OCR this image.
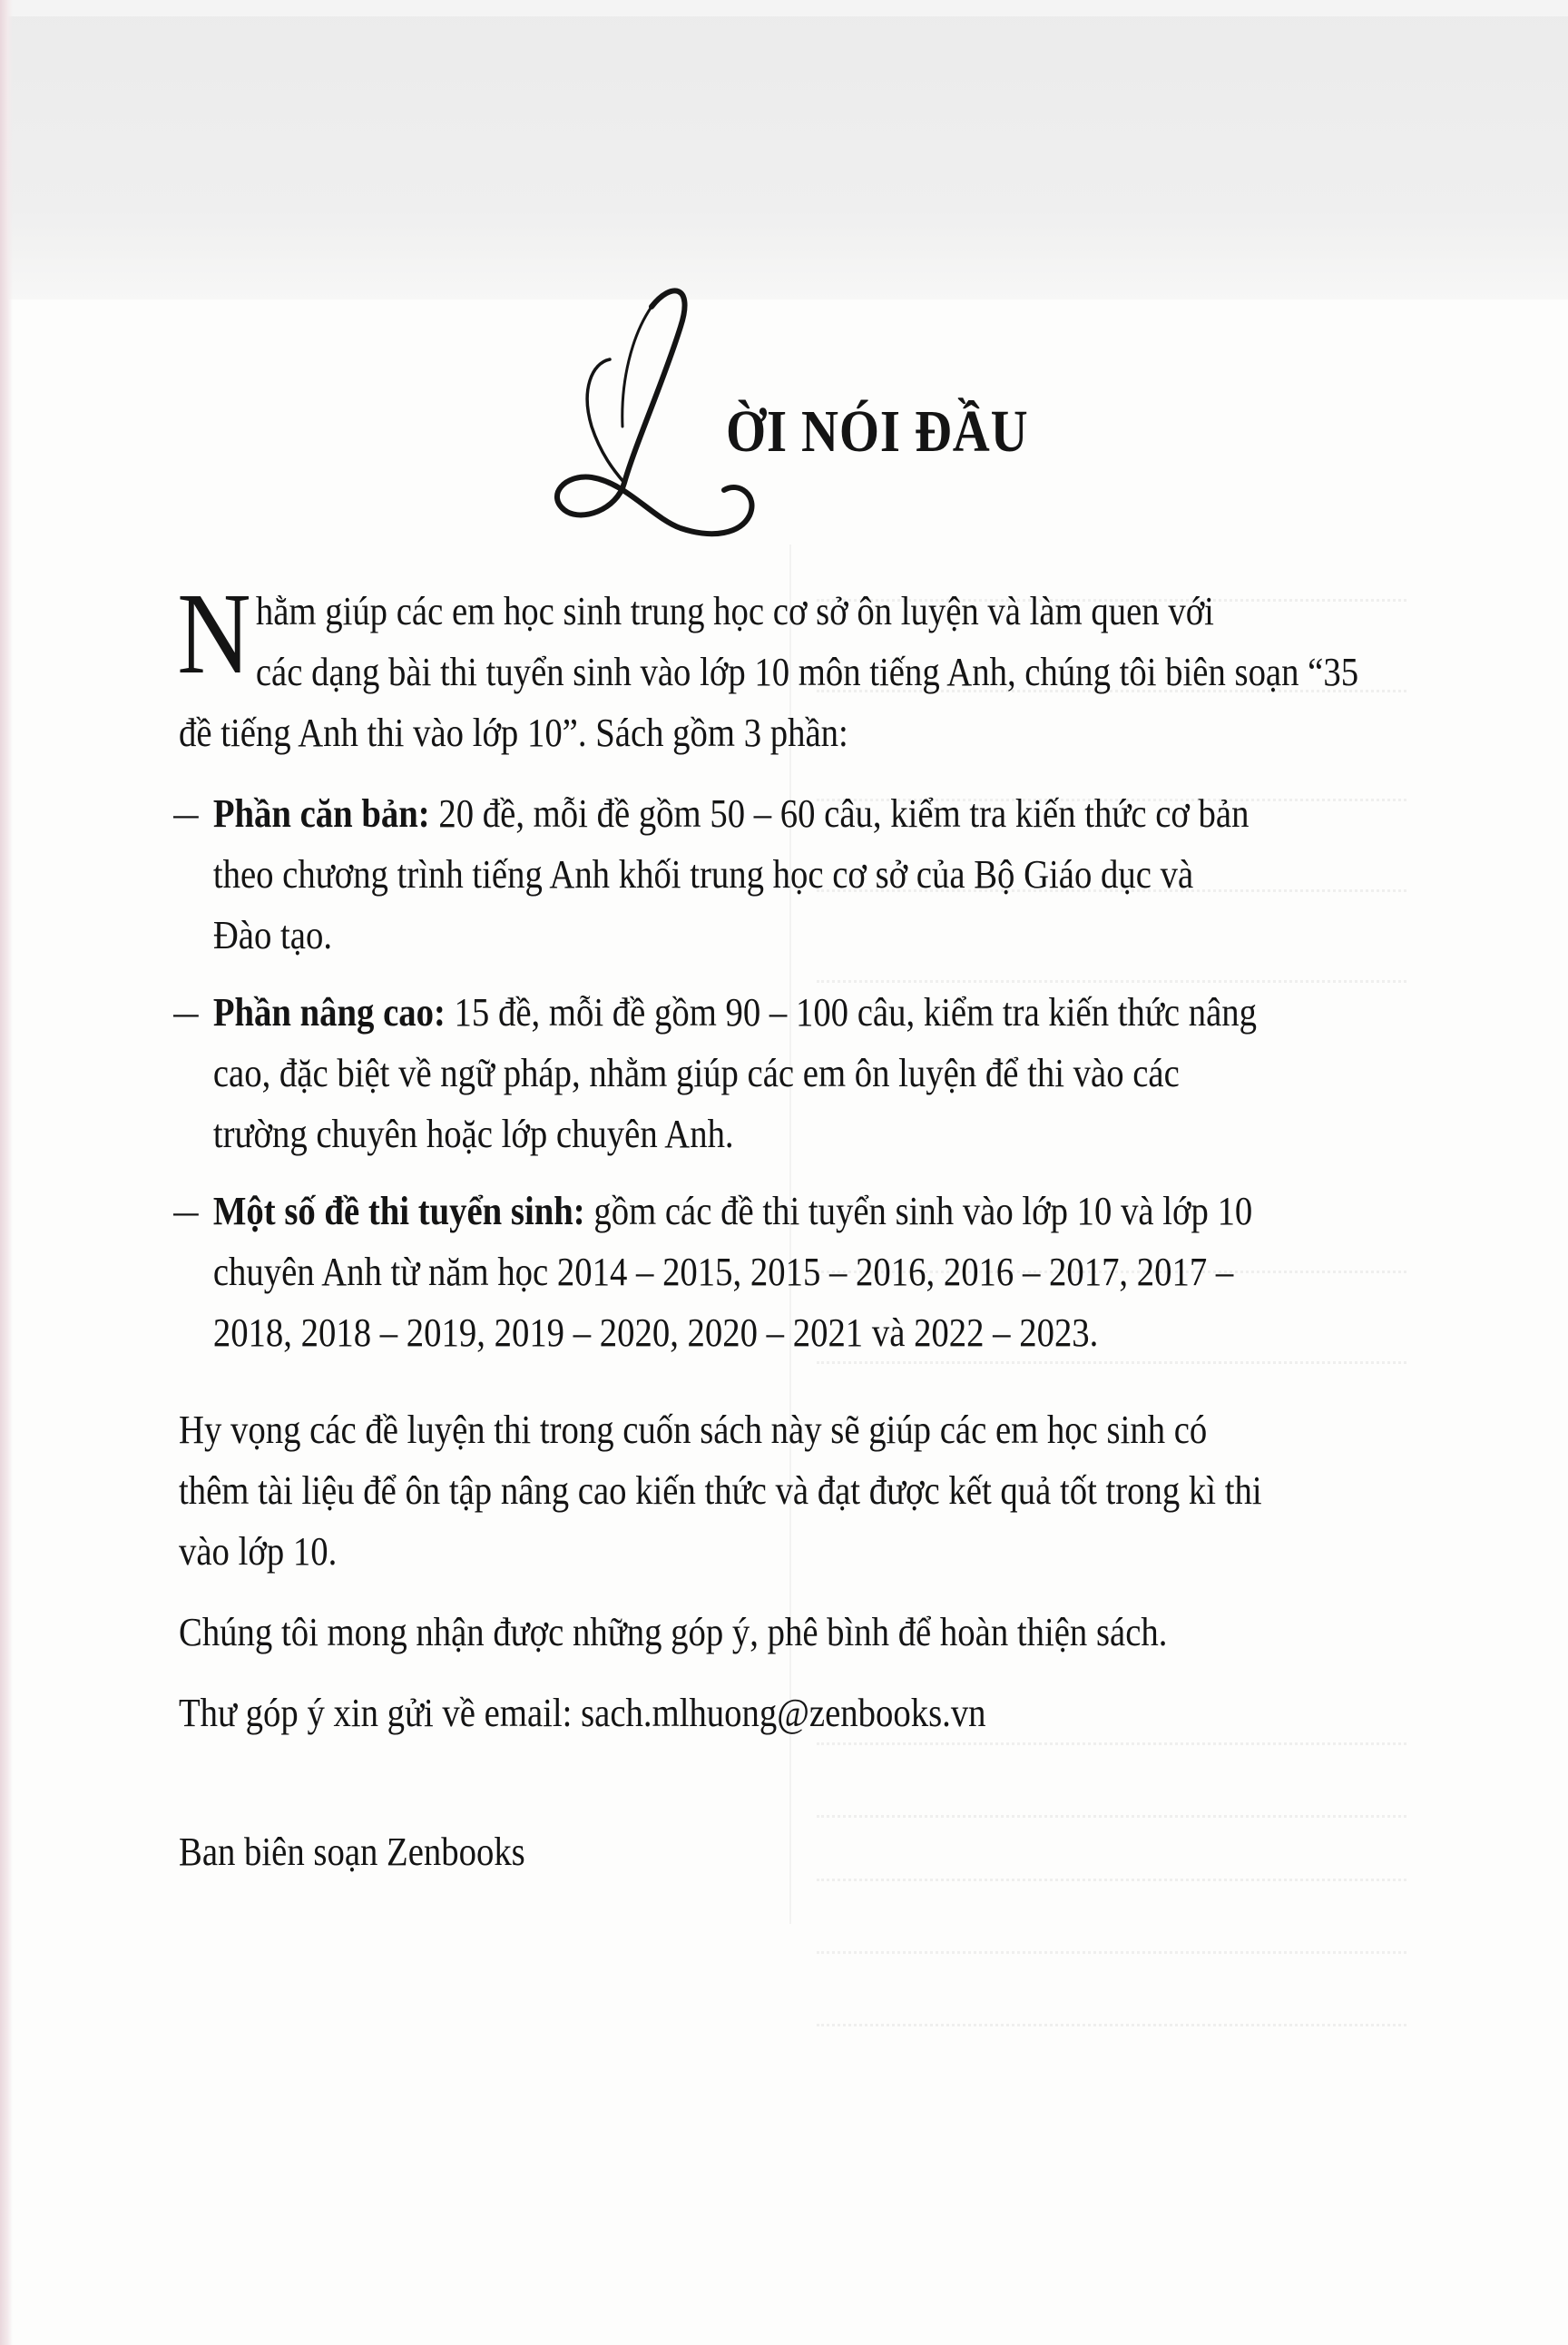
ỜI NÓI ĐẦU
N hằm giúp các em học sinh trung học cơ sở ôn luyện và làm quen với
các dạng bài thi tuyển sinh vào lớp 10 môn tiếng Anh, chúng tôi biên soạn “35
đề tiếng Anh thi vào lớp 10”. Sách gồm 3 phần:
– Phần căn bản: 20 đề, mỗi đề gồm 50 – 60 câu, kiểm tra kiến thức cơ bản
theo chương trình tiếng Anh khối trung học cơ sở của Bộ Giáo dục và
Đào tạo.
– Phần nâng cao: 15 đề, mỗi đề gồm 90 – 100 câu, kiểm tra kiến thức nâng
cao, đặc biệt về ngữ pháp, nhằm giúp các em ôn luyện để thi vào các
trường chuyên hoặc lớp chuyên Anh.
– Một số đề thi tuyển sinh: gồm các đề thi tuyển sinh vào lớp 10 và lớp 10
chuyên Anh từ năm học 2014 – 2015, 2015 – 2016, 2016 – 2017, 2017 –
2018, 2018 – 2019, 2019 – 2020, 2020 – 2021 và 2022 – 2023.
Hy vọng các đề luyện thi trong cuốn sách này sẽ giúp các em học sinh có
thêm tài liệu để ôn tập nâng cao kiến thức và đạt được kết quả tốt trong kì thi
vào lớp 10.
Chúng tôi mong nhận được những góp ý, phê bình để hoàn thiện sách.
Thư góp ý xin gửi về email: sach.mlhuong@zenbooks.vn
Ban biên soạn Zenbooks
